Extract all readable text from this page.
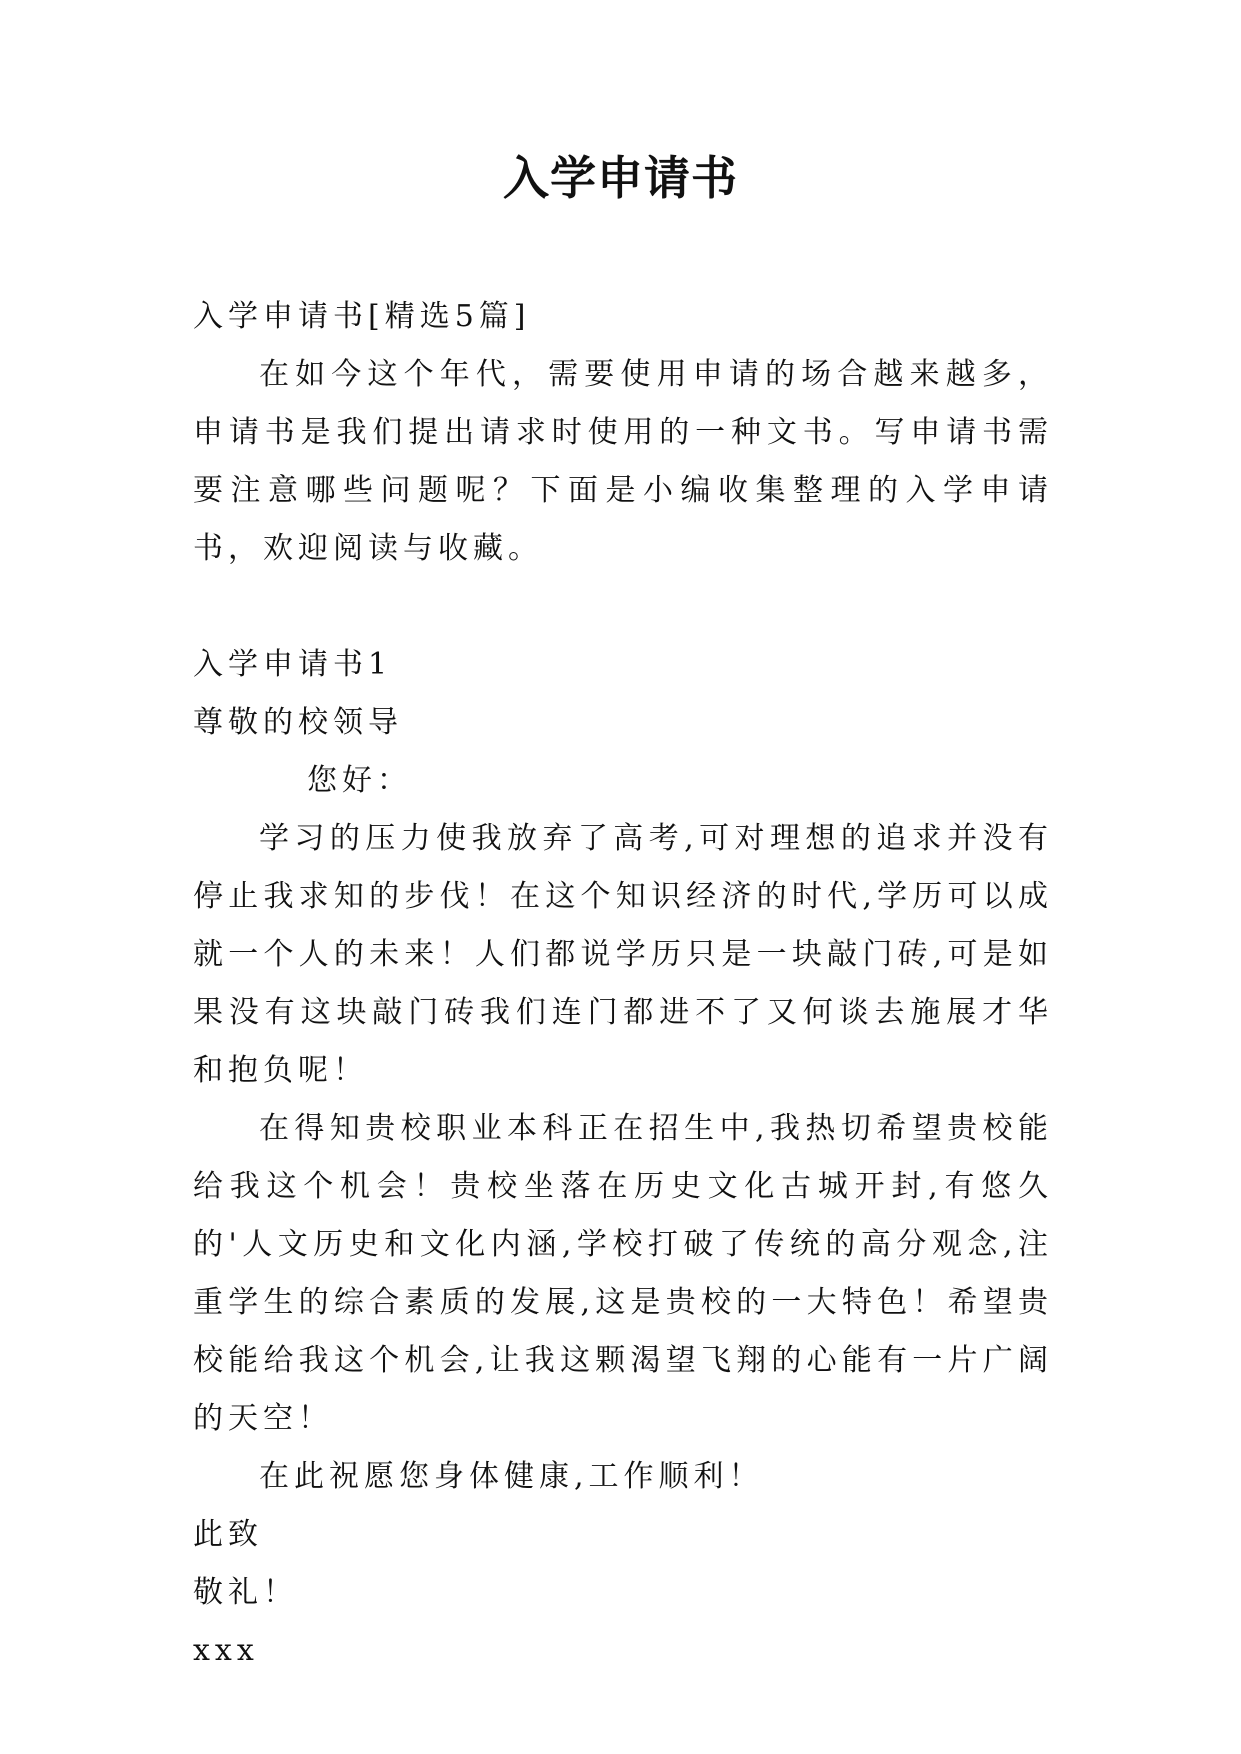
入学申请书

入学申请书[精选5篇]

在如今这个年代，需要使用申请的场合越来越多，申请书是我们提出请求时使用的一种文书。写申请书需要注意哪些问题呢？下面是小编收集整理的入学申请书，欢迎阅读与收藏。

入学申请书1

尊敬的校领导

您好：

学习的压力使我放弃了高考,可对理想的追求并没有停止我求知的步伐！在这个知识经济的时代,学历可以成就一个人的未来！人们都说学历只是一块敲门砖,可是如果没有这块敲门砖我们连门都进不了又何谈去施展才华和抱负呢！

在得知贵校职业本科正在招生中,我热切希望贵校能给我这个机会！贵校坐落在历史文化古城开封,有悠久的'人文历史和文化内涵,学校打破了传统的高分观念,注重学生的综合素质的发展,这是贵校的一大特色！希望贵校能给我这个机会,让我这颗渴望飞翔的心能有一片广阔的天空！

在此祝愿您身体健康,工作顺利！

此致

敬礼！

xxx
